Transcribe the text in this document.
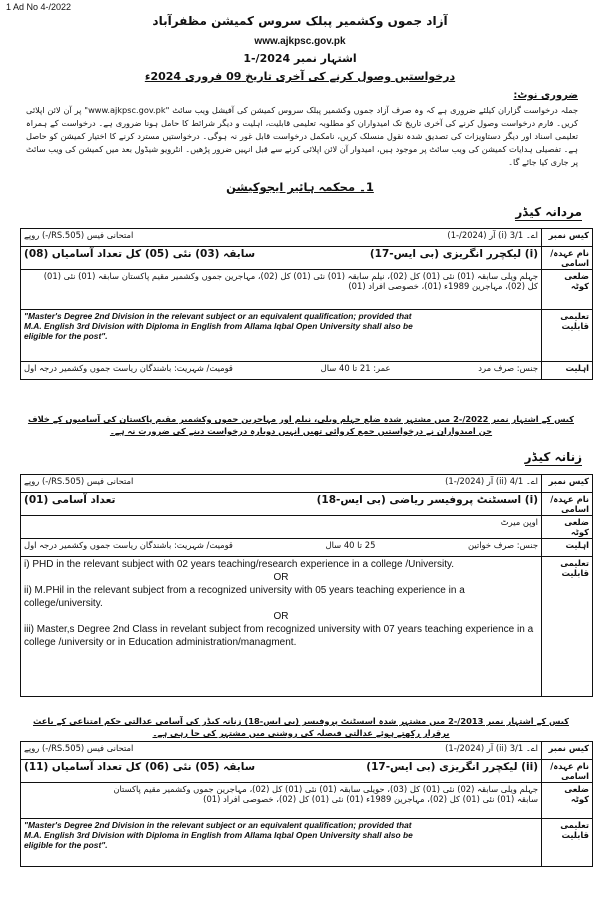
1 Ad No 4-/2022
آزاد جموں وکشمیر پبلک سروس کمیشن مظفرآباد
www.ajkpsc.gov.pk
اشتہار نمبر 2024/-1
درخواستیں وصول کرنے کی آخری تاریخ 09 فروری 2024ء
ضروری نوٹ:
جملہ درخواست گزاران کیلئے ضروری ہے کہ وہ صرف آزاد جموں وکشمیر پبلک سروس کمیشن کی آفیشل ویب سائٹ "www.ajkpsc.gov.pk" پر آن لائن اپلائی کریں۔ فارم درخواست وصول کرنے کی آخری تاریخ تک امیدواران کو مطلوبہ تعلیمی قابلیت، اہلیت و دیگر شرائط کا حامل ہونا ضروری ہے۔ درخواست کے ہمراہ تعلیمی اسناد اور دیگر دستاویزات کی تصدیق شدہ نقول منسلک کریں، نامکمل درخواست قابل غور نہ ہوگی۔ درخواستیں مسترد کرنے کا اختیار کمیشن کو حاصل ہے۔ تفصیلی ہدایات کمیشن کی ویب سائٹ پر موجود ہیں، امیدوار آن لائن اپلائی کرنے سے قبل انہیں ضرور پڑھیں۔ انٹرویو شیڈول بعد میں کمیشن کی ویب سائٹ پر جاری کیا جائے گا۔
1۔ محکمہ ہائیر ایجوکیشن
مردانہ کیڈر
اے۔ 3/1 (i) آر (2024/-1)
امتحانی فیس (RS.505/-) روپے	کیس نمبر

(i) لیکچرر انگریزی (بی ایس-17)
سابقہ (03) نئی (05) کل تعداد آسامیاں (08)	نام عہدہ/اسامی

جہلم ویلی سابقہ (01) نئی (01) کل (02)، نیلم سابقہ (01) نئی (01) کل (02)، مہاجرین جموں وکشمیر مقیم پاکستان سابقہ (01) نئی (01)
کل (02)، مہاجرین 1989ء (01)، خصوصی افراد (01)	ضلعی کوٹہ

"Master's Degree 2nd Division in the relevant subject or an equivalent qualification; provided that
M.A. English 3rd Division with Diploma in English from Allama Iqbal Open University shall also be
eligible for the post".	تعلیمی قابلیت

جنس: صرف مرد
عمر: 21 تا 40 سال
قومیت/ شہریت: باشندگان ریاست جموں وکشمیر درجہ اول	اہلیت
کیس کے اشتہار نمبر 2022/-2 میں مشتہر شدہ ضلع جہلم ویلی، نیلم اور مہاجرین جموں وکشمیر مقیم پاکستان کی آسامیوں کے خلاف جن امیدواران نے درخواستیں جمع کروائی تھیں انہیں دوبارہ درخواست دینے کی ضرورت نہ ہے۔
زنانہ کیڈر
اے۔ 4/1 (ii) آر (2024/-1)
امتحانی فیس (RS.505/-) روپے	کیس نمبر

(i) اسسٹنٹ پروفیسر ریاضی (بی ایس-18)
تعداد آسامی (01)	نام عہدہ/اسامی
اوپن میرٹ	ضلعی کوٹہ

جنس: صرف خواتین
25 تا 40 سال
قومیت/ شہریت: باشندگان ریاست جموں وکشمیر درجہ اول	اہلیت

i) PHD in the relevant subject with 02 years teaching/research experience in a college /University.
OR
ii) M.PHil in the relevant subject from a recognized university with 05 years teaching experience in a college/university.
OR
iii) Master,s Degree 2nd Class in revelant subject from recognized university with 07 years teaching experience in a college /university or in Education administration/managment.	تعلیمی قابلیت
کیس کے اشتہار نمبر 2013/-2 میں مشتہر شدہ اسسٹنٹ پروفیسر (بی ایس-18) زنانہ کیڈر کی آسامی عدالتی حکم امتناعی کے باعث برقرار رکھتے ہوئے عدالتی فیصلہ کی روشنی میں مشتہر کی جا رہی ہے۔
اے۔ 3/1 (ii) آر (2024/-1)
امتحانی فیس (RS.505/-) روپے	کیس نمبر

(ii) لیکچرر انگریزی (بی ایس-17)
سابقہ (05) نئی (06) کل تعداد آسامیاں (11)	نام عہدہ/اسامی

جہلم ویلی سابقہ (02) نئی (01) کل (03)، حویلی سابقہ (01) نئی (01) کل (02)، مہاجرین جموں وکشمیر مقیم پاکستان
سابقہ (01) نئی (01) کل (02)، مہاجرین 1989ء (01) نئی (01) کل (02)، خصوصی افراد (01)	ضلعی کوٹہ

"Master's Degree 2nd Division in the relevant subject or an equivalent qualification; provided that
M.A. English 3rd Division with Diploma in English from Allama Iqbal Open University shall also be
eligible for the post".	تعلیمی قابلیت
